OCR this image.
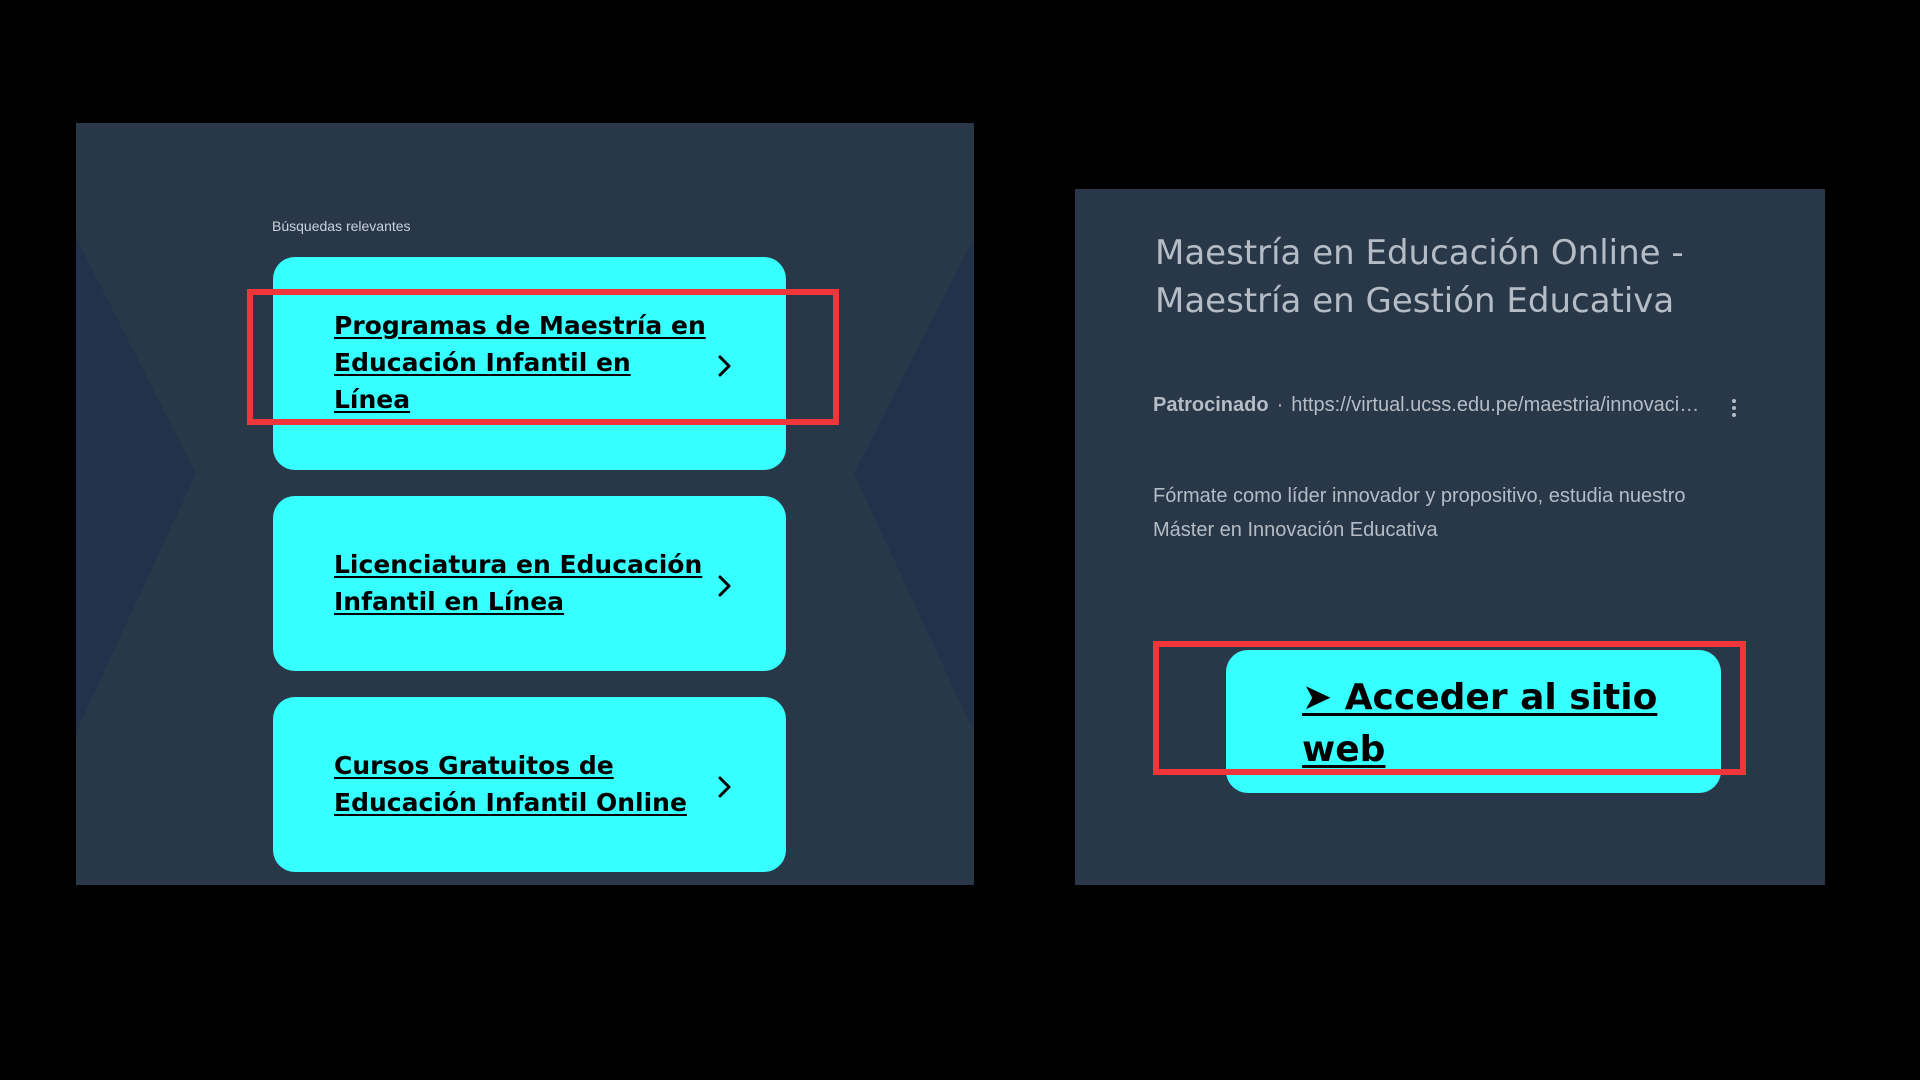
Búsquedas relevantes
Programas de Maestría en Educación Infantil en Línea
Licenciatura en Educación Infantil en Línea
Cursos Gratuitos de Educación Infantil Online
Maestría en Educación Online - Maestría en Gestión Educativa
Patrocinado · https://virtual.ucss.edu.pe/maestria/innovaci…
Fórmate como líder innovador y propositivo, estudia nuestro Máster en Innovación Educativa
➤ Acceder al sitio web
